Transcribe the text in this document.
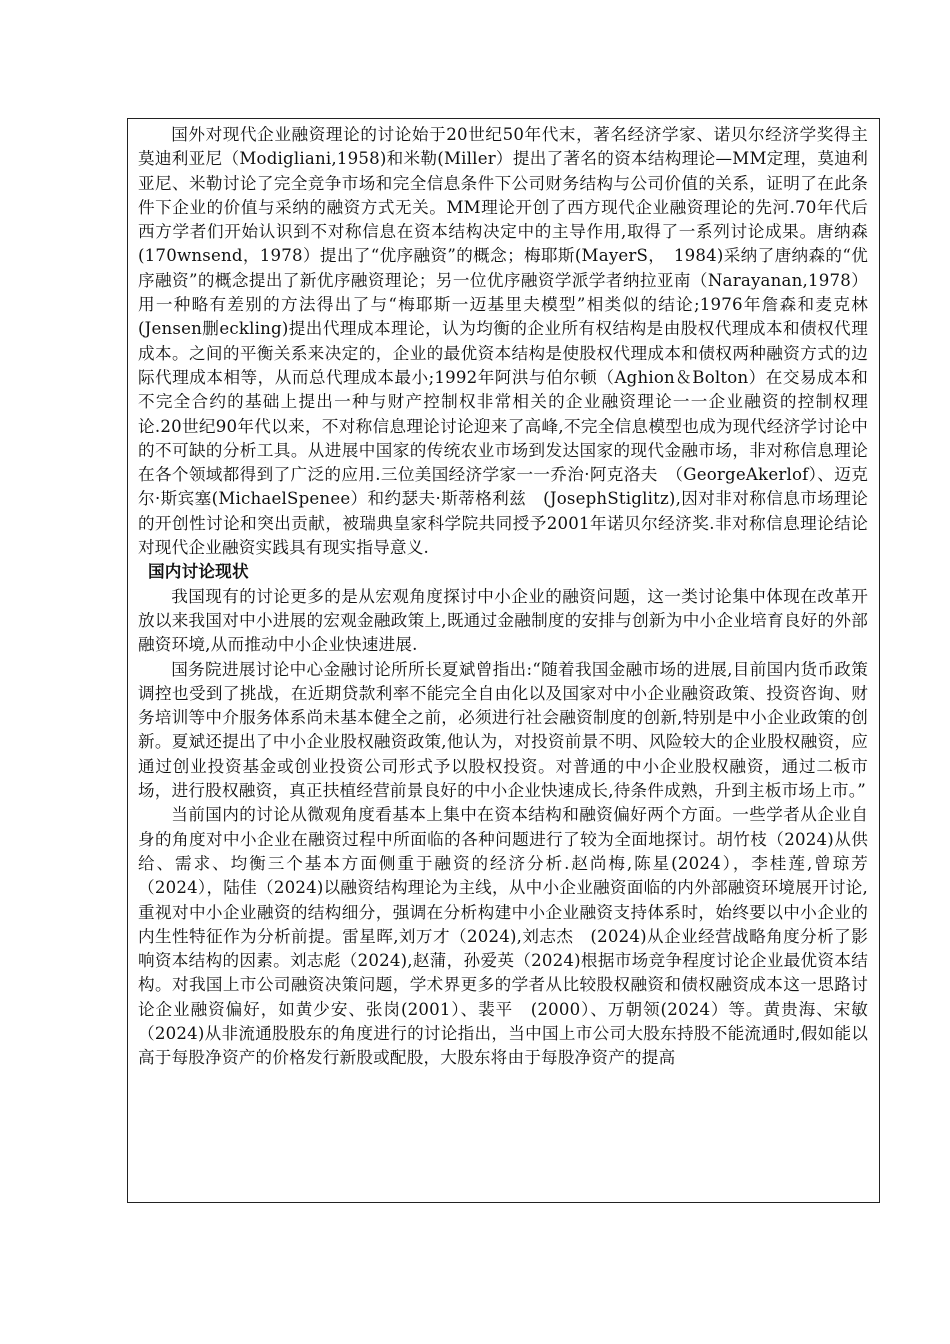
国外对现代企业融资理论的讨论始于20世纪50年代末，著名经济学家、诺贝尔经济学奖得主莫迪利亚尼（Modigliani,1958)和米勒(Miller）提出了著名的资本结构理论—MM定理，莫迪利亚尼、米勒讨论了完全竞争市场和完全信息条件下公司财务结构与公司价值的关系，证明了在此条件下企业的价值与采纳的融资方式无关。MM理论开创了西方现代企业融资理论的先河.70年代后西方学者们开始认识到不对称信息在资本结构决定中的主导作用,取得了一系列讨论成果。唐纳森(170wnsend，1978）提出了“优序融资”的概念；梅耶斯(MayerS，　1984)采纳了唐纳森的“优序融资”的概念提出了新优序融资理论；另一位优序融资学派学者纳拉亚南（Narayanan,1978）用一种略有差别的方法得出了与“梅耶斯一迈基里夫模型”相类似的结论;1976年詹森和麦克林(Jensen删eckling)提出代理成本理论，认为均衡的企业所有权结构是由股权代理成本和债权代理成本。之间的平衡关系来决定的，企业的最优资本结构是使股权代理成本和债权两种融资方式的边际代理成本相等，从而总代理成本最小;1992年阿洪与伯尔顿（Aghion＆Bolton）在交易成本和不完全合约的基础上提出一种与财产控制权非常相关的企业融资理论一一企业融资的控制权理论.20世纪90年代以来，不对称信息理论讨论迎来了高峰,不完全信息模型也成为现代经济学讨论中的不可缺的分析工具。从进展中国家的传统农业市场到发达国家的现代金融市场，非对称信息理论在各个领域都得到了广泛的应用.三位美国经济学家一一乔治·阿克洛夫　（GeorgeAkerlof）、迈克尔·斯宾塞(MichaelSpenee）和约瑟夫·斯蒂格利兹　(JosephStiglitz),因对非对称信息市场理论的开创性讨论和突出贡献，被瑞典皇家科学院共同授予2001年诺贝尔经济奖.非对称信息理论结论对现代企业融资实践具有现实指导意义.

国内讨论现状

我国现有的讨论更多的是从宏观角度探讨中小企业的融资问题，这一类讨论集中体现在改革开放以来我国对中小进展的宏观金融政策上,既通过金融制度的安排与创新为中小企业培育良好的外部融资环境,从而推动中小企业快速进展.

国务院进展讨论中心金融讨论所所长夏斌曾指出:“随着我国金融市场的进展,目前国内货币政策调控也受到了挑战，在近期贷款利率不能完全自由化以及国家对中小企业融资政策、投资咨询、财务培训等中介服务体系尚未基本健全之前，必须进行社会融资制度的创新,特别是中小企业政策的创新。夏斌还提出了中小企业股权融资政策,他认为，对投资前景不明、风险较大的企业股权融资，应通过创业投资基金或创业投资公司形式予以股权投资。对普通的中小企业股权融资，通过二板市场，进行股权融资，真正扶植经营前景良好的中小企业快速成长,待条件成熟，升到主板市场上市。”

当前国内的讨论从微观角度看基本上集中在资本结构和融资偏好两个方面。一些学者从企业自身的角度对中小企业在融资过程中所面临的各种问题进行了较为全面地探讨。胡竹枝（2024)从供给、需求、均衡三个基本方面侧重于融资的经济分析.赵尚梅,陈星(2024），李桂莲,曾琼芳（2024），陆佳（2024)以融资结构理论为主线，从中小企业融资面临的内外部融资环境展开讨论,重视对中小企业融资的结构细分，强调在分析构建中小企业融资支持体系时，始终要以中小企业的内生性特征作为分析前提。雷星晖,刘万才（2024),刘志杰　(2024)从企业经营战略角度分析了影响资本结构的因素。刘志彪（2024),赵蒲，孙爱英（2024)根据市场竞争程度讨论企业最优资本结构。对我国上市公司融资决策问题，学术界更多的学者从比较股权融资和债权融资成本这一思路讨论企业融资偏好，如黄少安、张岗(2001）、裴平　(2000）、万朝领(2024）等。黄贵海、宋敏（2024)从非流通股股东的角度进行的讨论指出，当中国上市公司大股东持股不能流通时,假如能以高于每股净资产的价格发行新股或配股，大股东将由于每股净资产的提高
